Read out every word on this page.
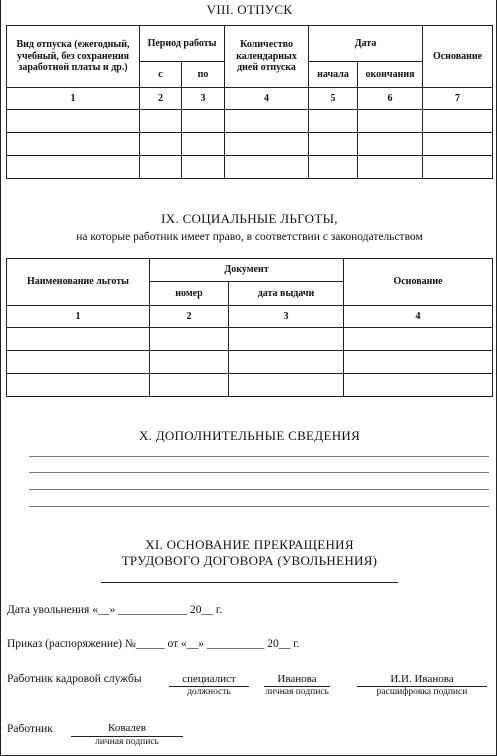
VIII. ОТПУСК
Вид отпуска (ежегодный, учебный, без сохранения заработной платы и др.)	Период работы		Количество календарных дней отпуска	Дата		Основание
	с	по		начала	окончания	
1	2	3	4	5	6	7

IX. СОЦИАЛЬНЫЕ ЛЬГОТЫ,
на которые работник имеет право, в соответствии с законодательством
Наименование льготы	Документ		Основание
	номер	дата выдачи	
1	2	3	4

X. ДОПОЛНИТЕЛЬНЫЕ СВЕДЕНИЯ
XI. ОСНОВАНИЕ ПРЕКРАЩЕНИЯ
ТРУДОВОГО ДОГОВОРА (УВОЛЬНЕНИЯ)
Дата увольнения «__» ____________ 20__ г.
Приказ (распоряжение) №_____ от «__» __________ 20__ г.
Работник кадровой службы	специалист
должность
Иванова
личная подпись
И.И. Иванова
расшифровка подписи
Работник	Ковалев
личная подпись
